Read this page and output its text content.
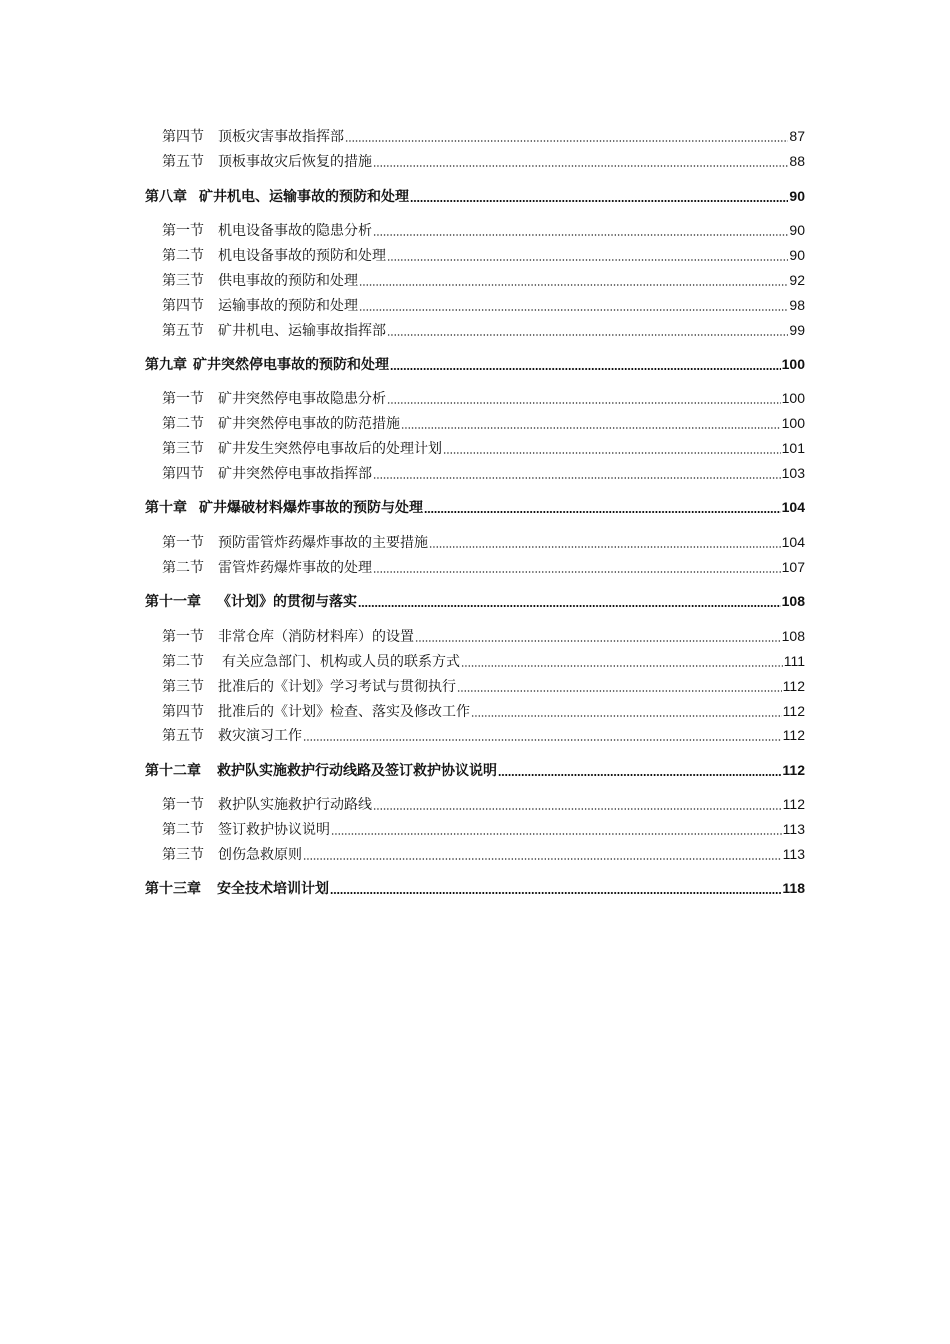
第四节 顶板灾害事故指挥部	87
第五节 顶板事故灾后恢复的措施	88
第八章 矿井机电、运输事故的预防和处理	90
第一节 机电设备事故的隐患分析	90
第二节 机电设备事故的预防和处理	90
第三节 供电事故的预防和处理	92
第四节 运输事故的预防和处理	98
第五节 矿井机电、运输事故指挥部	99
第九章 矿井突然停电事故的预防和处理	100
第一节 矿井突然停电事故隐患分析	100
第二节 矿井突然停电事故的防范措施	100
第三节 矿井发生突然停电事故后的处理计划	101
第四节 矿井突然停电事故指挥部	103
第十章 矿井爆破材料爆炸事故的预防与处理	104
第一节 预防雷管炸药爆炸事故的主要措施	104
第二节 雷管炸药爆炸事故的处理	107
第十一章 《计划》的贯彻与落实	108
第一节 非常仓库（消防材料库）的设置	108
第二节 有关应急部门、机构或人员的联系方式	111
第三节 批准后的《计划》学习考试与贯彻执行	112
第四节 批准后的《计划》检查、落实及修改工作	112
第五节 救灾演习工作	112
第十二章 救护队实施救护行动线路及签订救护协议说明	112
第一节 救护队实施救护行动路线	112
第二节 签订救护协议说明	113
第三节 创伤急救原则	113
第十三章 安全技术培训计划	118
